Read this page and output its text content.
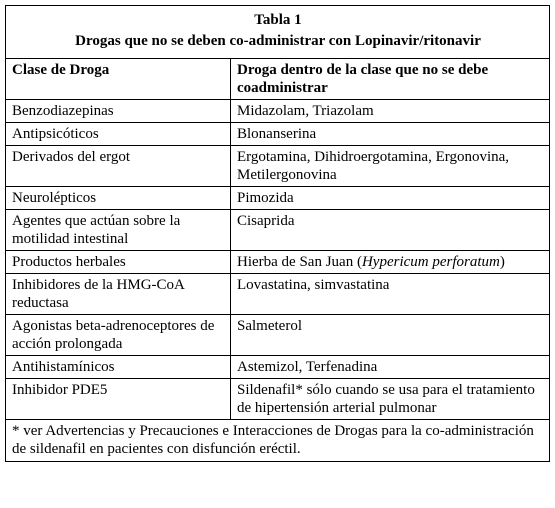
Tabla 1
Drogas que no se deben co-administrar con Lopinavir/ritonavir	

Clase de Droga	Droga dentro de la clase que no se debe coadministrar
Benzodiazepinas	Midazolam, Triazolam
Antipsicóticos	Blonanserina
Derivados del ergot	Ergotamina, Dihidroergotamina, Ergonovina, Metilergonovina
Neurolépticos	Pimozida
Agentes que actúan sobre la motilidad intestinal	Cisaprida
Productos herbales	Hierba de San Juan (Hypericum perforatum)
Inhibidores de la HMG-CoA reductasa	Lovastatina, simvastatina
Agonistas beta-adrenoceptores de acción prolongada	Salmeterol
Antihistamínicos	Astemizol, Terfenadina
Inhibidor PDE5	Sildenafil* sólo cuando se usa para el tratamiento de hipertensión arterial pulmonar
* ver Advertencias y Precauciones e Interacciones de Drogas para la co-administración de sildenafil en pacientes con disfunción eréctil.	
